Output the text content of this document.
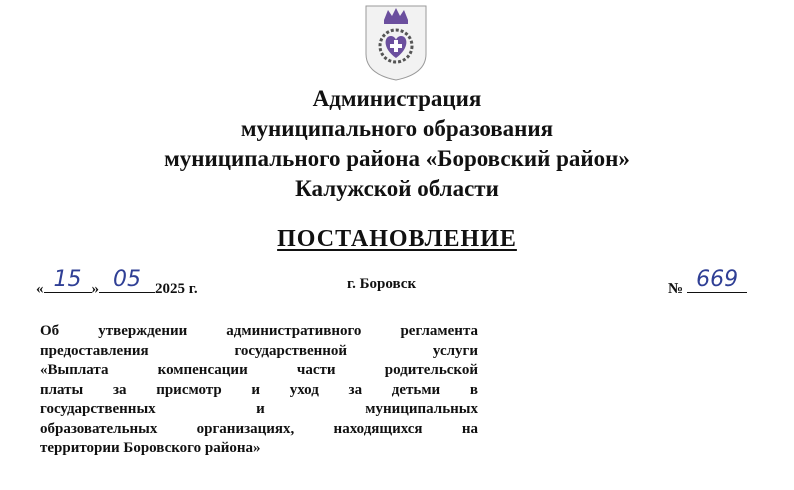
Администрация
муниципального образования
муниципального района «Боровский район»
Калужской области
ПОСТАНОВЛЕНИЕ
« 15 » 05 2025 г.	г. Боровск	№ 669
Об утверждении административного регламента
предоставления государственной услуги
«Выплата компенсации части родительской
платы за присмотр и уход за детьми в
государственных и муниципальных
образовательных организациях, находящихся на
территории Боровского района»
